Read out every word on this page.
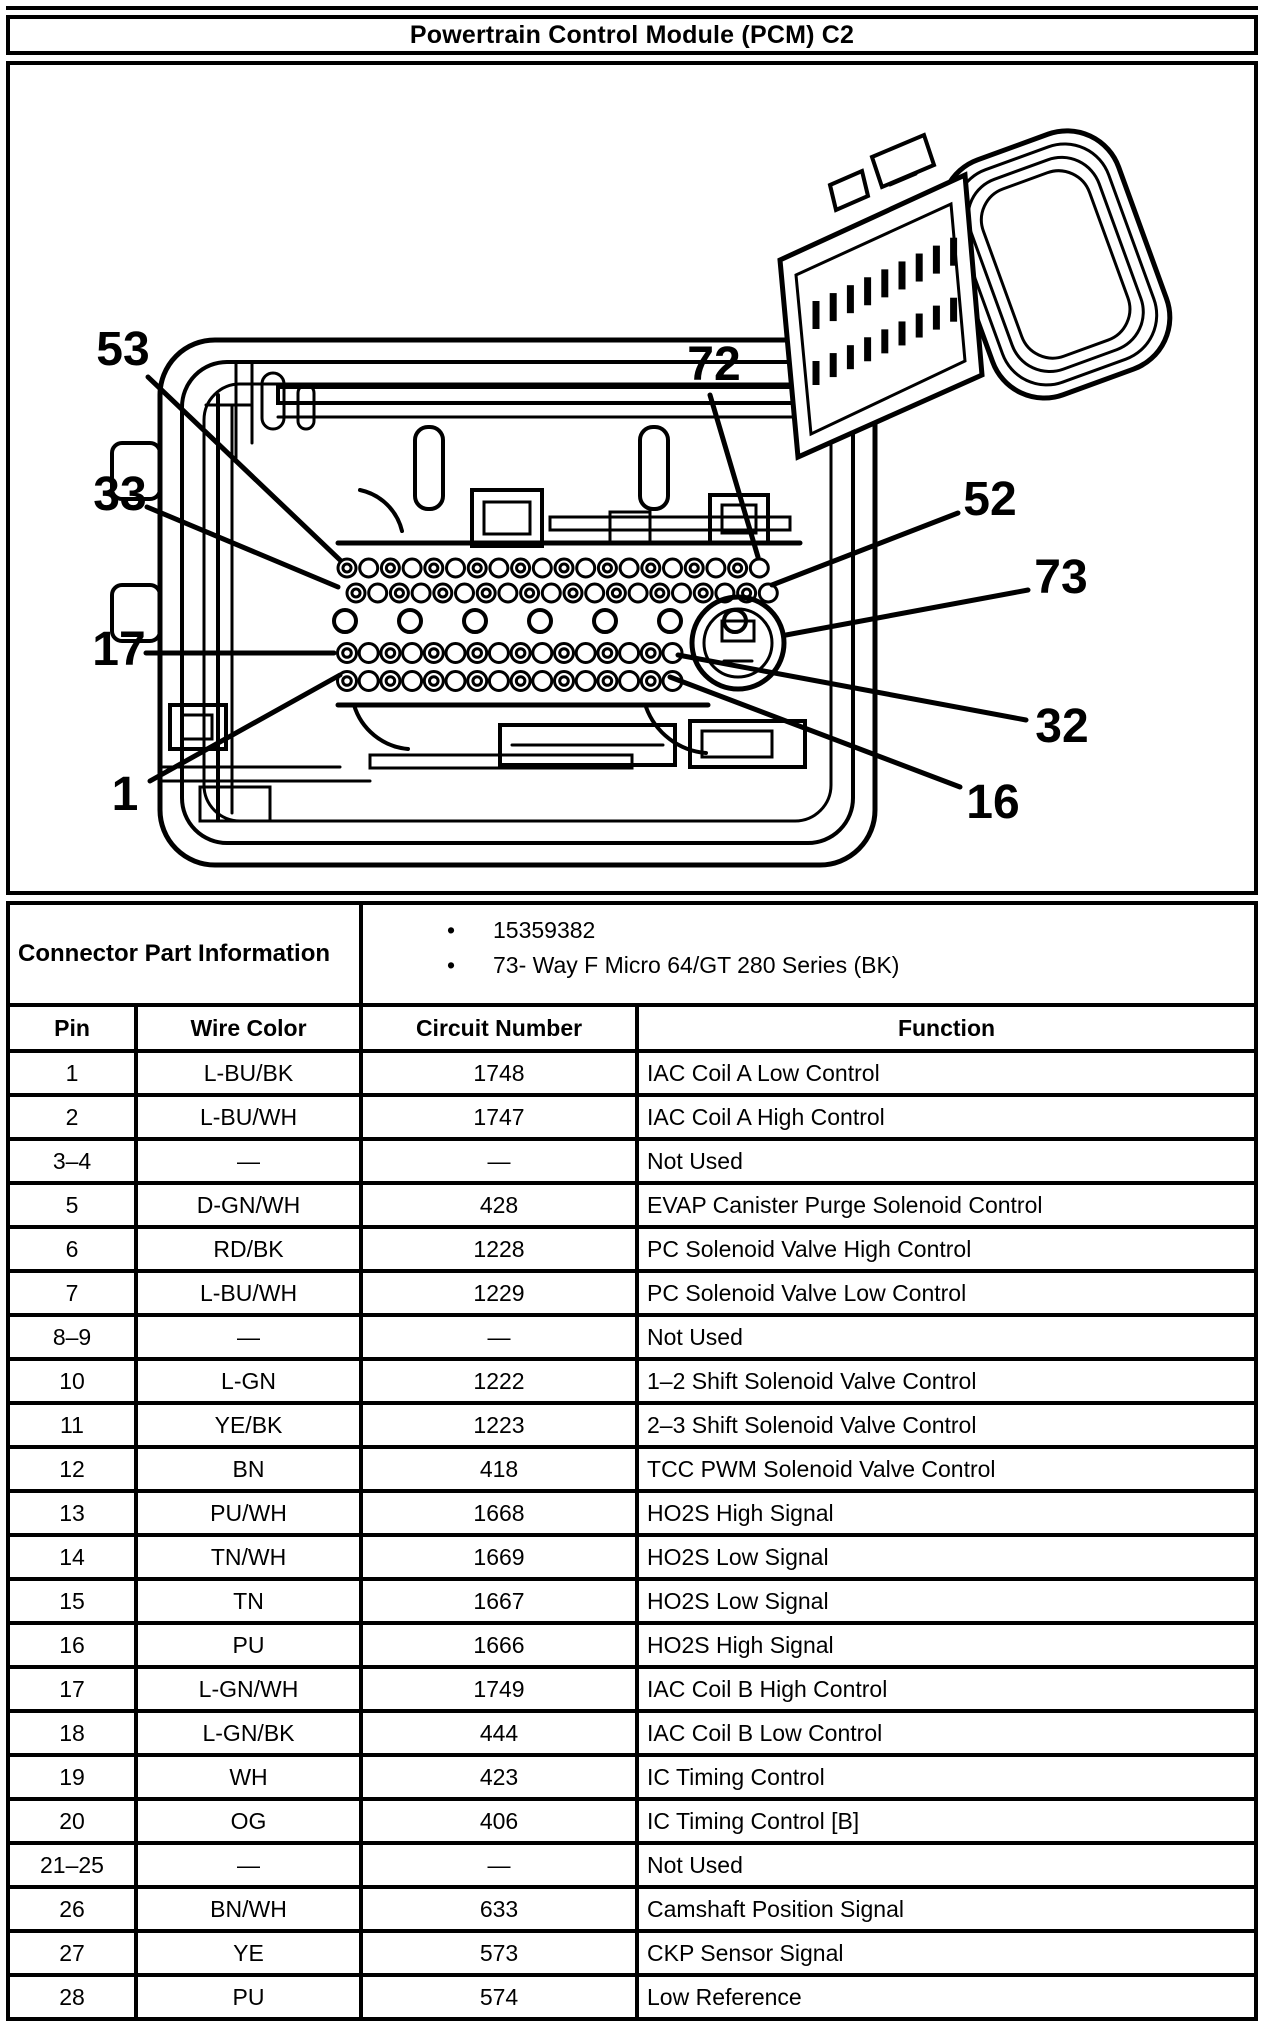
Powertrain Control Module (PCM) C2
53	72
33	52
73
17
32
1	16
Connector Part Information		• 15359382
• 73- Way F Micro 64/GT 280 Series (BK)	

Pin	Wire Color	Circuit Number	Function
1	L-BU/BK	1748	IAC Coil A Low Control
2	L-BU/WH	1747	IAC Coil A High Control
3–4	—	—	Not Used
5	D-GN/WH	428	EVAP Canister Purge Solenoid Control
6	RD/BK	1228	PC Solenoid Valve High Control
7	L-BU/WH	1229	PC Solenoid Valve Low Control
8–9	—	—	Not Used
10	L-GN	1222	1–2 Shift Solenoid Valve Control
11	YE/BK	1223	2–3 Shift Solenoid Valve Control
12	BN	418	TCC PWM Solenoid Valve Control
13	PU/WH	1668	HO2S High Signal
14	TN/WH	1669	HO2S Low Signal
15	TN	1667	HO2S Low Signal
16	PU	1666	HO2S High Signal
17	L-GN/WH	1749	IAC Coil B High Control
18	L-GN/BK	444	IAC Coil B Low Control
19	WH	423	IC Timing Control
20	OG	406	IC Timing Control [B]
21–25	—	—	Not Used
26	BN/WH	633	Camshaft Position Signal
27	YE	573	CKP Sensor Signal
28	PU	574	Low Reference
